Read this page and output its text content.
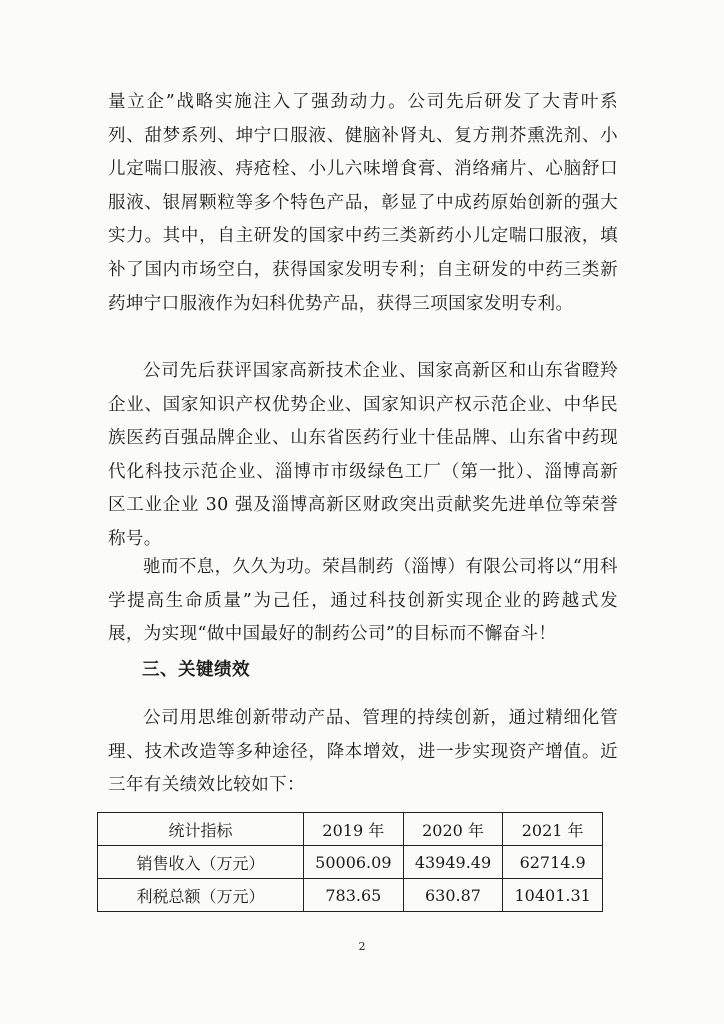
量立企”战略实施注入了强劲动力。公司先后研发了大青叶系列、甜梦系列、坤宁口服液、健脑补肾丸、复方荆芥熏洗剂、小儿定喘口服液、痔疮栓、小儿六味增食膏、消络痛片、心脑舒口服液、银屑颗粒等多个特色产品，彰显了中成药原始创新的强大实力。其中，自主研发的国家中药三类新药小儿定喘口服液，填补了国内市场空白，获得国家发明专利；自主研发的中药三类新药坤宁口服液作为妇科优势产品，获得三项国家发明专利。

公司先后获评国家高新技术企业、国家高新区和山东省瞪羚企业、国家知识产权优势企业、国家知识产权示范企业、中华民族医药百强品牌企业、山东省医药行业十佳品牌、山东省中药现代化科技示范企业、淄博市市级绿色工厂（第一批）、淄博高新区工业企业 30 强及淄博高新区财政突出贡献奖先进单位等荣誉称号。

驰而不息，久久为功。荣昌制药（淄博）有限公司将以“用科学提高生命质量”为己任，通过科技创新实现企业的跨越式发展，为实现“做中国最好的制药公司”的目标而不懈奋斗！

三、关键绩效

公司用思维创新带动产品、管理的持续创新，通过精细化管理、技术改造等多种途径，降本增效，进一步实现资产增值。近三年有关绩效比较如下：

统计指标	2019 年	2020 年	2021 年
销售收入（万元）	50006.09	43949.49	62714.9
利税总额（万元）	783.65	630.87	10401.31
2
